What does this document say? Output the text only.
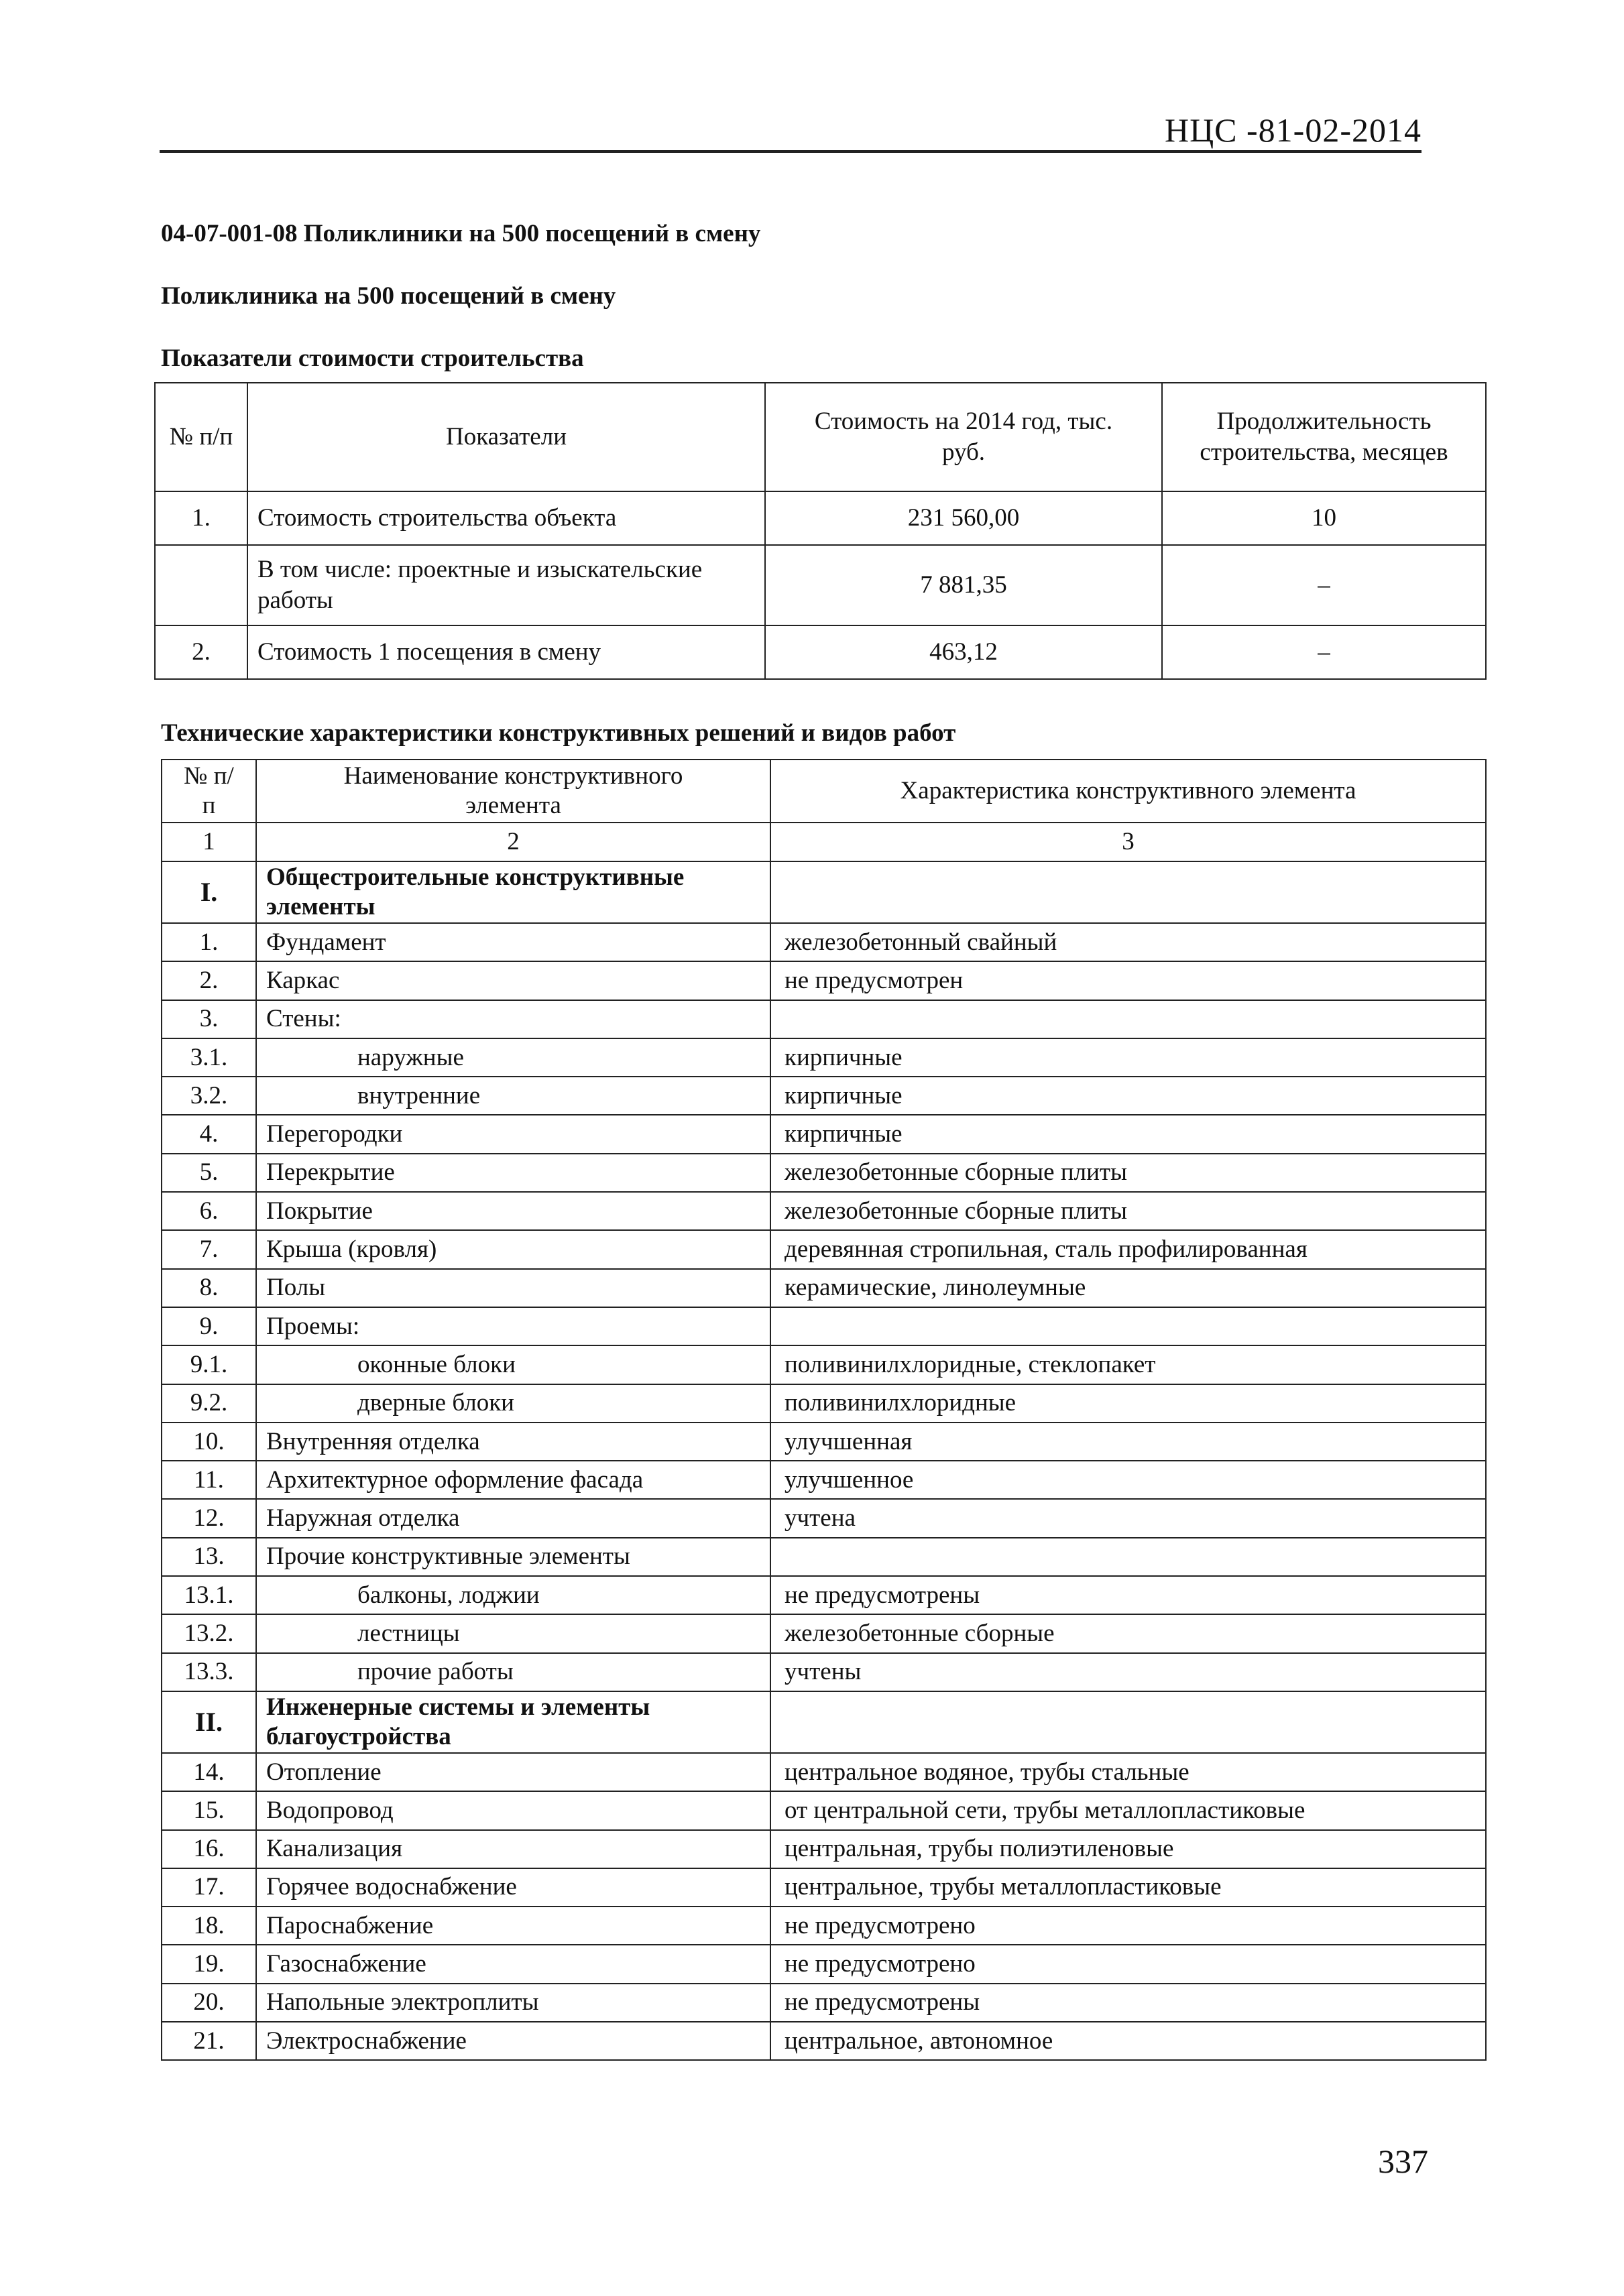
НЦС -81-02-2014
04-07-001-08 Поликлиники на 500 посещений в смену
Поликлиника на 500 посещений в смену
Показатели стоимости строительства
№ п/п	Показатели	Стоимость на 2014 год, тыс. руб.	Продолжительность строительства, месяцев
1.	Стоимость строительства объекта	231 560,00	10
	В том числе: проектные и изыскательские работы	7 881,35	–
2.	Стоимость 1 посещения в смену	463,12	–
Технические характеристики конструктивных решений и видов работ
№ п/п	Наименование конструктивного элемента	Характеристика конструктивного элемента
1	2	3
I.	Общестроительные конструктивные элементы	
1.	Фундамент	железобетонный свайный
2.	Каркас	не предусмотрен
3.	Стены:	
3.1.	наружные	кирпичные
3.2.	внутренние	кирпичные
4.	Перегородки	кирпичные
5.	Перекрытие	железобетонные сборные плиты
6.	Покрытие	железобетонные сборные плиты
7.	Крыша (кровля)	деревянная стропильная, сталь профилированная
8.	Полы	керамические, линолеумные
9.	Проемы:	
9.1.	оконные блоки	поливинилхлоридные, стеклопакет
9.2.	дверные блоки	поливинилхлоридные
10.	Внутренняя отделка	улучшенная
11.	Архитектурное оформление фасада	улучшенное
12.	Наружная отделка	учтена
13.	Прочие конструктивные элементы	
13.1.	балконы, лоджии	не предусмотрены
13.2.	лестницы	железобетонные сборные
13.3.	прочие работы	учтены
II.	Инженерные системы и элементы благоустройства	
14.	Отопление	центральное водяное, трубы стальные
15.	Водопровод	от центральной сети, трубы металлопластиковые
16.	Канализация	центральная, трубы полиэтиленовые
17.	Горячее водоснабжение	центральное, трубы металлопластиковые
18.	Пароснабжение	не предусмотрено
19.	Газоснабжение	не предусмотрено
20.	Напольные электроплиты	не предусмотрены
21.	Электроснабжение	центральное, автономное
337
